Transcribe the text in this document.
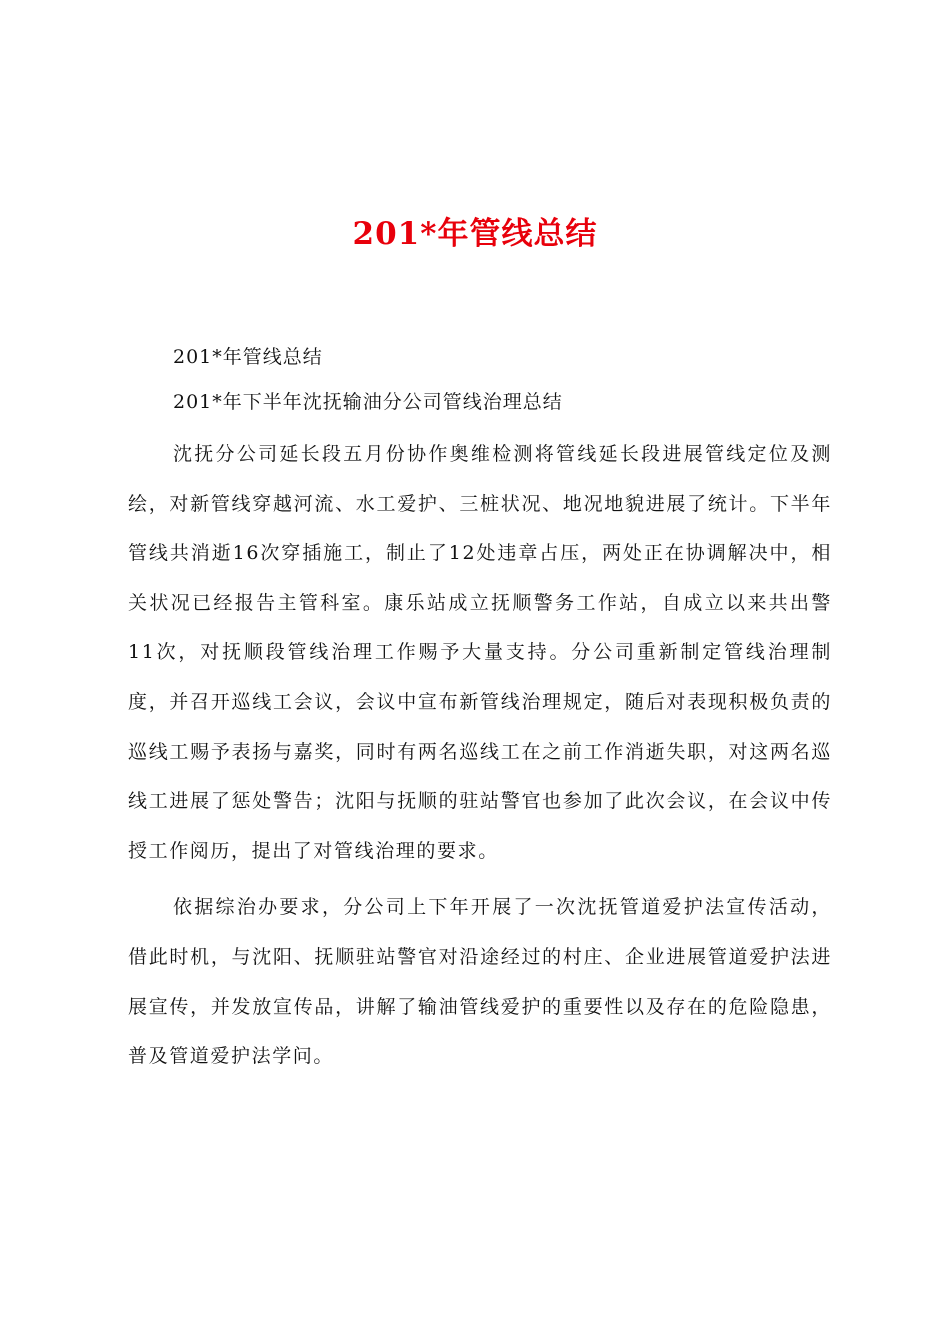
201*年管线总结

201*年管线总结

201*年下半年沈抚输油分公司管线治理总结

沈抚分公司延长段五月份协作奥维检测将管线延长段进展管线定位及测绘，对新管线穿越河流、水工爱护、三桩状况、地况地貌进展了统计。下半年管线共消逝16次穿插施工，制止了12处违章占压，两处正在协调解决中，相关状况已经报告主管科室。康乐站成立抚顺警务工作站，自成立以来共出警11次，对抚顺段管线治理工作赐予大量支持。分公司重新制定管线治理制度，并召开巡线工会议，会议中宣布新管线治理规定，随后对表现积极负责的巡线工赐予表扬与嘉奖，同时有两名巡线工在之前工作消逝失职，对这两名巡线工进展了惩处警告；沈阳与抚顺的驻站警官也参加了此次会议，在会议中传授工作阅历，提出了对管线治理的要求。

依据综治办要求，分公司上下年开展了一次沈抚管道爱护法宣传活动，借此时机，与沈阳、抚顺驻站警官对沿途经过的村庄、企业进展管道爱护法进展宣传，并发放宣传品，讲解了输油管线爱护的重要性以及存在的危险隐患，普及管道爱护法学问。
